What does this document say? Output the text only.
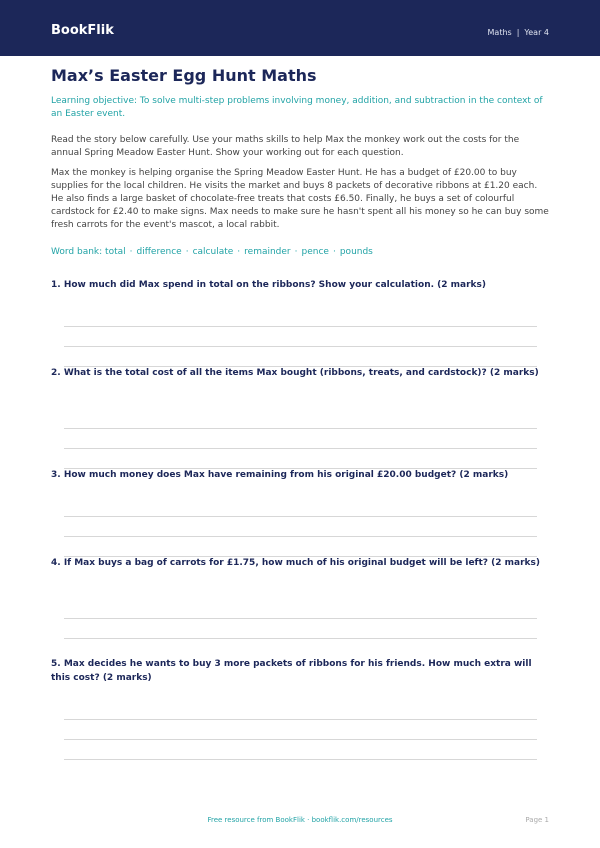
BookFlik	Maths | Year 4
Max’s Easter Egg Hunt Maths
Learning objective: To solve multi-step problems involving money, addition, and subtraction in the context of an Easter event.

Read the story below carefully. Use your maths skills to help Max the monkey work out the costs for the annual Spring Meadow Easter Hunt. Show your working out for each question.

Max the monkey is helping organise the Spring Meadow Easter Hunt. He has a budget of £20.00 to buy supplies for the local children. He visits the market and buys 8 packets of decorative ribbons at £1.20 each. He also finds a large basket of chocolate-free treats that costs £6.50. Finally, he buys a set of colourful cardstock for £2.40 to make signs. Max needs to make sure he hasn't spent all his money so he can buy some fresh carrots for the event's mascot, a local rabbit.

Word bank: total · difference · calculate · remainder · pence · pounds

1. How much did Max spend in total on the ribbons? Show your calculation. (2 marks)

2. What is the total cost of all the items Max bought (ribbons, treats, and cardstock)? (2 marks)

3. How much money does Max have remaining from his original £20.00 budget? (2 marks)

4. If Max buys a bag of carrots for £1.75, how much of his original budget will be left? (2 marks)

5. Max decides he wants to buy 3 more packets of ribbons for his friends. How much extra will this cost? (2 marks)

Free resource from BookFlik · bookflik.com/resources	Page 1
